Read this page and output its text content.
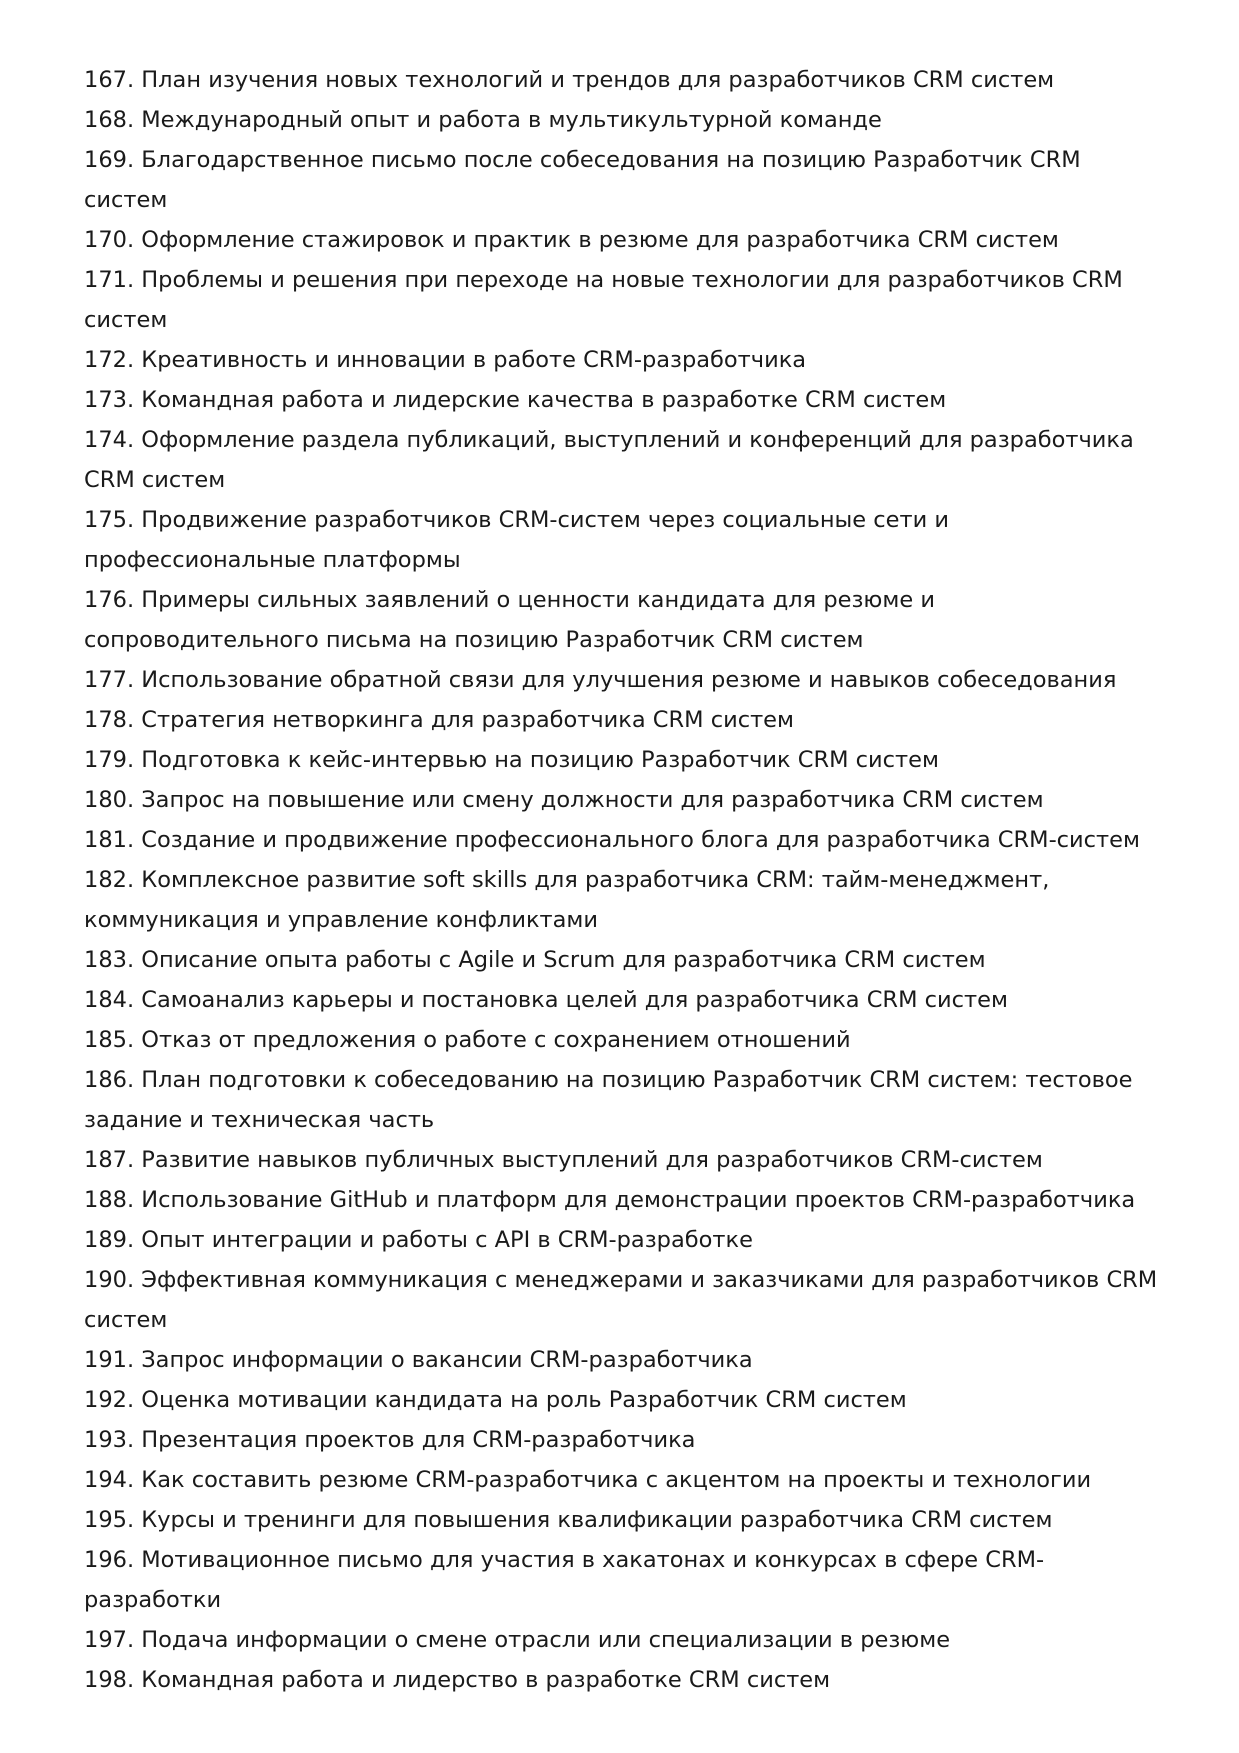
167. План изучения новых технологий и трендов для разработчиков CRM систем

168. Международный опыт и работа в мультикультурной команде

169. Благодарственное письмо после собеседования на позицию Разработчик CRM систем

170. Оформление стажировок и практик в резюме для разработчика CRM систем

171. Проблемы и решения при переходе на новые технологии для разработчиков CRM систем

172. Креативность и инновации в работе CRM-разработчика

173. Командная работа и лидерские качества в разработке CRM систем

174. Оформление раздела публикаций, выступлений и конференций для разработчика CRM систем

175. Продвижение разработчиков CRM-систем через социальные сети и профессиональные платформы

176. Примеры сильных заявлений о ценности кандидата для резюме и сопроводительного письма на позицию Разработчик CRM систем

177. Использование обратной связи для улучшения резюме и навыков собеседования

178. Стратегия нетворкинга для разработчика CRM систем

179. Подготовка к кейс-интервью на позицию Разработчик CRM систем

180. Запрос на повышение или смену должности для разработчика CRM систем

181. Создание и продвижение профессионального блога для разработчика CRM-систем

182. Комплексное развитие soft skills для разработчика CRM: тайм-менеджмент, коммуникация и управление конфликтами

183. Описание опыта работы с Agile и Scrum для разработчика CRM систем

184. Самоанализ карьеры и постановка целей для разработчика CRM систем

185. Отказ от предложения о работе с сохранением отношений

186. План подготовки к собеседованию на позицию Разработчик CRM систем: тестовое задание и техническая часть

187. Развитие навыков публичных выступлений для разработчиков CRM-систем

188. Использование GitHub и платформ для демонстрации проектов CRM-разработчика

189. Опыт интеграции и работы с API в CRM-разработке

190. Эффективная коммуникация с менеджерами и заказчиками для разработчиков CRM систем

191. Запрос информации о вакансии CRM-разработчика

192. Оценка мотивации кандидата на роль Разработчик CRM систем

193. Презентация проектов для CRM-разработчика

194. Как составить резюме CRM-разработчика с акцентом на проекты и технологии

195. Курсы и тренинги для повышения квалификации разработчика CRM систем

196. Мотивационное письмо для участия в хакатонах и конкурсах в сфере CRM-разработки

197. Подача информации о смене отрасли или специализации в резюме

198. Командная работа и лидерство в разработке CRM систем
